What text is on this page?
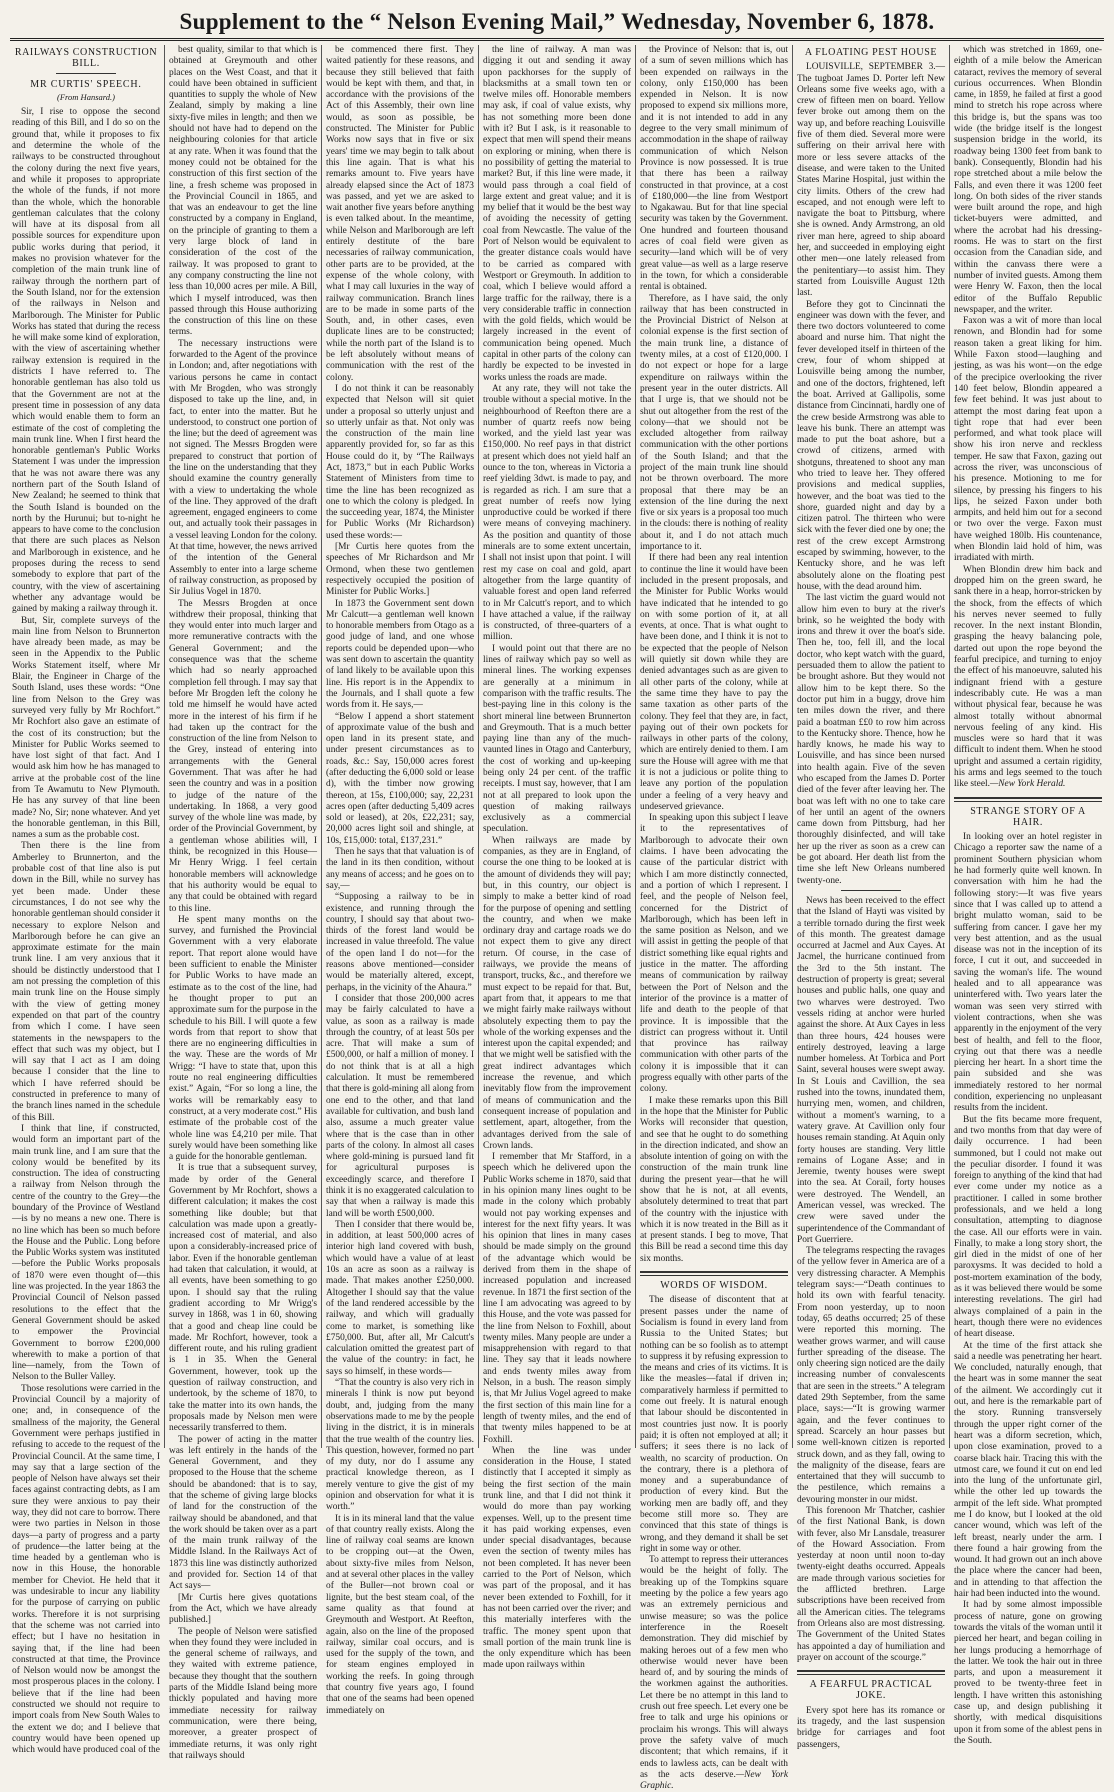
Supplement to the “ Nelson Evening Mail,” Wednesday, November 6, 1878.
RAILWAYS CONSTRUCTION BILL.
MR CURTIS' SPEECH.
(From Hansard.)

Sir, I rise to oppose the second reading of this Bill, and I do so on the ground that, while it proposes to fix and determine the whole of the railways to be constructed throughout the colony during the next five years, and while it proposes to appropriate the whole of the funds, if not more than the whole, which the honorable gentleman calculates that the colony will have at its disposal from all possible sources for expenditure upon public works during that period, it makes no provision whatever for the completion of the main trunk line of railway through the northern part of the South Island, nor for the extension of the railways in Nelson and Marlborough. The Minister for Public Works has stated that during the recess he will make some kind of exploration, with the view of ascertaining whether railway extension is required in the districts I have referred to. The honorable gentleman has also told us that the Government are not at the present time in possession of any data which would enable them to form an estimate of the cost of completing the main trunk line. When I first heard the honorable gentleman's Public Works Statement I was under the impression that he was not aware there was any northern part of the South Island of New Zealand; he seemed to think that the South Island is bounded on the north by the Hurunui; but to-night he appears to have come to the conclusion that there are such places as Nelson and Marlborough in existence, and he proposes during the recess to send somebody to explore that part of the country, with the view of ascertaining whether any advantage would be gained by making a railway through it.

But, Sir, complete surveys of the main line from Nelson to Brunnerton have already been made, as may be seen in the Appendix to the Public Works Statement itself, where Mr Blair, the Engineer in Charge of the South Island, uses these words: “One line from Nelson to the Grey was surveyed very fully by Mr Rochfort.” Mr Rochfort also gave an estimate of the cost of its construction; but the Minister for Public Works seemed to have lost sight of that fact. And I would ask him how he has managed to arrive at the probable cost of the line from Te Awamutu to New Plymouth. He has any survey of that line been made? No, Sir; none whatever. And yet the honorable gentleman, in this Bill, names a sum as the probable cost.

Then there is the line from Amberley to Brunnerton, and the probable cost of that line also is put down in the Bill, while no survey has yet been made. Under these circumstances, I do not see why the honorable gentleman should consider it necessary to explore Nelson and Marlborough before he can give an approximate estimate for the main trunk line. I am very anxious that it should be distinctly understood that I am not pressing the completion of this main trunk line on the House simply with the view of getting money expended on that part of the country from which I come. I have seen statements in the newspapers to the effect that such was my object, but I will say that I act as I am doing because I consider that the line to which I have referred should be constructed in preference to many of the branch lines named in the schedule of this Bill.

I think that line, if constructed, would form an important part of the main trunk line, and I am sure that the colony would be benefited by its construction. The idea of constructing a railway from Nelson through the centre of the country to the Grey—the boundary of the Province of Westland—is by no means a new one. There is no line which has been so much before the House and the Public. Long before the Public Works system was instituted—before the Public Works proposals of 1870 were even thought of—this line was projected. In the year 1863 the Provincial Council of Nelson passed resolutions to the effect that the General Government should be asked to empower the Provincial Government to borrow £200,000 wherewith to make a portion of that line—namely, from the Town of Nelson to the Buller Valley.

Those resolutions were carried in the Provincial Council by a majority of one; and, in consequence of the smallness of the majority, the General Government were perhaps justified in refusing to accede to the request of the Provincial Council. At the same time, I may say that a large section of the people of Nelson have always set their faces against contracting debts, as I am sure they were anxious to pay their way, they did not care to borrow. There were two parties in Nelson in those days—a party of progress and a party of prudence—the latter being at the time headed by a gentleman who is now in this House, the honorable member for Cheviot. He held that it was undesirable to incur any liability for the purpose of carrying on public works. Therefore it is not surprising that the scheme was not carried into effect; but I have no hesitation in saying that, if the line had been constructed at that time, the Province of Nelson would now be amongst the most prosperous places in the colony. I believe that if the line had been constructed we should not require to import coals from New South Wales to the extent we do; and I believe that country would have been opened up which would have produced coal of the

best quality, similar to that which is obtained at Greymouth and other places on the West Coast, and that it could have been obtained in sufficient quantities to supply the whole of New Zealand, simply by making a line sixty-five miles in length; and then we should not have had to depend on the neighbouring colonies for that article at any rate. When it was found that the money could not be obtained for the construction of this first section of the line, a fresh scheme was proposed in the Provincial Council in 1865, and that was an endeavour to get the line constructed by a company in England, on the principle of granting to them a very large block of land in consideration of the cost of the railway. It was proposed to grant to any company constructing the line not less than 10,000 acres per mile. A Bill, which I myself introduced, was then passed through this House authorizing the construction of this line on these terms.

The necessary instructions were forwarded to the Agent of the province in London; and, after negotiations with various persons he came in contact with Mr Brogden, who was strongly disposed to take up the line, and, in fact, to enter into the matter. But he understood, to construct one portion of the line; but the deed of agreement was not signed. The Messrs Brogden were prepared to construct that portion of the line on the understanding that they should examine the country generally with a view to undertaking the whole of the line. They approved of the draft agreement, engaged engineers to come out, and actually took their passages in a vessel leaving London for the colony. At that time, however, the news arrived of the intention of the General Assembly to enter into a large scheme of railway construction, as proposed by Sir Julius Vogel in 1870.

The Messrs Brogden at once withdrew their proposal, thinking that they would enter into much larger and more remunerative contracts with the General Government; and the consequence was that the scheme which had so nearly approached completion fell through. I may say that before Mr Brogden left the colony he told me himself he would have acted more in the interest of his firm if he had taken up the contract for the construction of the line from Nelson to the Grey, instead of entering into arrangements with the General Government. That was after he had seen the country and was in a position to judge of the nature of the undertaking. In 1868, a very good survey of the whole line was made, by order of the Provincial Government, by a gentleman whose abilities will, I think, be recognized in this House—Mr Henry Wrigg. I feel certain honorable members will acknowledge that his authority would be equal to any that could be obtained with regard to this line.

He spent many months on the survey, and furnished the Provincial Government with a very elaborate report. That report alone would have been sufficient to enable the Minister for Public Works to have made an estimate as to the cost of the line, had he thought proper to put an approximate sum for the purpose in the schedule to his Bill. I will quote a few words from that report to show that there are no engineering difficulties in the way. These are the words of Mr Wrigg: “I have to state that, upon this route no real engineering difficulties exist.” Again, “For so long a line, the works will be remarkably easy to construct, at a very moderate cost.” His estimate of the probable cost of the whole line was £4,210 per mile. That surely would have been something like a guide for the honorable gentleman.

It is true that a subsequent survey, made by order of the General Government by Mr Rochfort, shows a different calculation; it makes the cost something like double; but that calculation was made upon a greatly-increased cost of material, and also upon a considerably-increased price of labor. Even if the honorable gentleman had taken that calculation, it would, at all events, have been something to go upon. I should say that the ruling gradient according to Mr Wrigg's survey in 1868, was 1 in 60, showing that a good and cheap line could be made. Mr Rochfort, however, took a different route, and his ruling gradient is 1 in 35. When the General Government, however, took up the question of railway construction, and undertook, by the scheme of 1870, to take the matter into its own hands, the proposals made by Nelson men were necessarily transferred to them.

The power of acting in the matter was left entirely in the hands of the General Government, and they proposed to the House that the scheme should be abandoned: that is to say, that the scheme of giving large blocks of land for the construction of the railway should be abandoned, and that the work should be taken over as a part of the main trunk railway of the Middle Island. In the Railways Act of 1873 this line was distinctly authorized and provided for. Section 14 of that Act says—

[Mr Curtis here gives quotations from the Act, which we have already published.]

The people of Nelson were satisfied when they found they were included in the general scheme of railways, and they waited with extreme patience, because they thought that the southern parts of the Middle Island being more thickly populated and having more immediate necessity for railway communication, were there being, moreover, a greater prospect of immediate returns, it was only right that railways should

be commenced there first. They waited patiently for these reasons, and because they still believed that faith would be kept with them, and that, in accordance with the provisions of the Act of this Assembly, their own line would, as soon as possible, be constructed. The Minister for Public Works now says that in five or six years' time we may begin to talk about this line again. That is what his remarks amount to. Five years have already elapsed since the Act of 1873 was passed, and yet we are asked to wait another five years before anything is even talked about. In the meantime, while Nelson and Marlborough are left entirely destitute of the bare necessaries of railway communication, other parts are to be provided, at the expense of the whole colony, with what I may call luxuries in the way of railway communication. Branch lines are to be made in some parts of the South, and, in other cases, even duplicate lines are to be constructed; while the north part of the Island is to be left absolutely without means of communication with the rest of the colony.

I do not think it can be reasonably expected that Nelson will sit quiet under a proposal so utterly unjust and so utterly unfair as that. Not only was the construction of the main line apparently provided for, so far as this House could do it, by “The Railways Act, 1873,” but in each Public Works Statement of Ministers from time to time the line has been recognized as one to which the colony is pledged. In the succeeding year, 1874, the Minister for Public Works (Mr Richardson) used these words:—

[Mr Curtis here quotes from the speeches of Mr Richardson and Mr Ormond, when these two gentlemen respectively occupied the position of Minister for Public Works.]

In 1873 the Government sent down Mr Calcutt—a gentleman well known to honorable members from Otago as a good judge of land, and one whose reports could be depended upon—who was sent down to ascertain the quantity of land likely to be available upon this line. His report is in the Appendix to the Journals, and I shall quote a few words from it. He says,—

“Below I append a short statement of approximate value of the bush and open land in its present state, and under present circumstances as to roads, &c.: Say, 150,000 acres forest (after deducting the 6,000 sold or lease d), with the timber now growing thereon, at 15s, £100,000; say, 22,231 acres open (after deducting 5,409 acres sold or leased), at 20s, £22,231; say, 20,000 acres light soil and shingle, at 10s, £15,000: total, £137,231.”

Then he says that that valuation is of the land in its then condition, without any means of access; and he goes on to say,—

“Supposing a railway to be in existence, and running through the country, I should say that about two-thirds of the forest land would be increased in value threefold. The value of the open land I do not—for the reasons above mentioned—consider would be materially altered, except, perhaps, in the vicinity of the Ahaura.”

I consider that those 200,000 acres may be fairly calculated to have a value, as soon as a railway is made through the country, of at least 50s per acre. That will make a sum of £500,000, or half a million of money. I do not think that is at all a high calculation. It must be remembered that there is gold-mining all along from one end to the other, and that land available for cultivation, and bush land also, assume a much greater value where that is the case than in other parts of the colony. In almost all cases where gold-mining is pursued land fit for agricultural purposes is exceedingly scarce, and therefore I think it is no exaggerated calculation to say that when a railway is made this land will be worth £500,000.

Then I consider that there would be, in addition, at least 500,000 acres of interior high land covered with bush, which would have a value of at least 10s an acre as soon as a railway is made. That makes another £250,000. Altogether I should say that the value of the land rendered accessible by the railway, and which will gradually come to market, is something like £750,000. But, after all, Mr Calcutt's calculation omitted the greatest part of the value of the country: in fact, he says so himself, in these words—

“That the country is also very rich in minerals I think is now put beyond doubt, and, judging from the many observations made to me by the people living in the district, it is in minerals that the true wealth of the country lies. This question, however, formed no part of my duty, nor do I assume any practical knowledge thereon, as I merely venture to give the gist of my opinion and observation for what it is worth.”

It is in its mineral land that the value of that country really exists. Along the line of railway coal seams are known to be cropping out—at the Owen, about sixty-five miles from Nelson, and at several other places in the valley of the Buller—not brown coal or lignite, but the best steam coal, of the same quality as that found at Greymouth and Westport. At Reefton, again, also on the line of the proposed railway, similar coal occurs, and is used for the supply of the town, and for steam engines employed in working the reefs. In going through that country five years ago, I found that one of the seams had been opened immediately on

the line of railway. A man was digging it out and sending it away upon packhorses for the supply of blacksmiths at a small town ten or twelve miles off. Honorable members may ask, if coal of value exists, why has not something more been done with it? But I ask, is it reasonable to expect that men will spend their means on exploring or mining, when there is no possibility of getting the material to market? But, if this line were made, it would pass through a coal field of large extent and great value; and it is my belief that it would be the best way of avoiding the necessity of getting coal from Newcastle. The value of the Port of Nelson would be equivalent to the greater distance coals would have to be carried as compared with Westport or Greymouth. In addition to coal, which I believe would afford a large traffic for the railway, there is a very considerable traffic in connection with the gold fields, which would be largely increased in the event of communication being opened. Much capital in other parts of the colony can hardly be expected to be invested in works unless the roads are made.

At any rate, they will not take the trouble without a special motive. In the neighbourhood of Reefton there are a number of quartz reefs now being worked, and the yield last year was £150,000. No reef pays in that district at present which does not yield half an ounce to the ton, whereas in Victoria a reef yielding 3dwt. is made to pay, and is regarded as rich. I am sure that a great number of reefs now lying unproductive could be worked if there were means of conveying machinery. As the position and quantity of those minerals are to some extent uncertain, I shall not insist upon that point. I will rest my case on coal and gold, apart altogether from the large quantity of valuable forest and open land referred to in Mr Calcutt's report, and to which I have attached a value, if the railway is constructed, of three-quarters of a million.

I would point out that there are no lines of railway which pay so well as mineral lines. The working expenses are generally at a minimum in comparison with the traffic results. The best-paying line in this colony is the short mineral line between Brunnerton and Greymouth. That is a much better paying line than any of the much-vaunted lines in Otago and Canterbury, the cost of working and up-keeping being only 24 per cent. of the traffic receipts. I must say, however, that I am not at all prepared to look upon the question of making railways exclusively as a commercial speculation.

When railways are made by companies, as they are in England, of course the one thing to be looked at is the amount of dividends they will pay; but, in this country, our object is simply to make a better kind of road for the purpose of opening and settling the country, and when we make ordinary dray and cartage roads we do not expect them to give any direct return. Of course, in the case of railways, we provide the means of transport, trucks, &c., and therefore we must expect to be repaid for that. But, apart from that, it appears to me that we might fairly make railways without absolutely expecting them to pay the whole of the working expenses and the interest upon the capital expended; and that we might well be satisfied with the great indirect advantages which increase the revenue, and which inevitably flow from the improvement of means of communication and the consequent increase of population and settlement, apart, altogether, from the advantages derived from the sale of Crown lands.

I remember that Mr Stafford, in a speech which he delivered upon the Public Works scheme in 1870, said that in his opinion many lines ought to be made in the colony which probably would not pay working expenses and interest for the next fifty years. It was his opinion that lines in many cases should be made simply on the ground of the advantage which would be derived from them in the shape of increased population and increased revenue. In 1871 the first section of the line I am advocating was agreed to by this House, and the vote was passed for the line from Nelson to Foxhill, about twenty miles. Many people are under a misapprehension with regard to that line. They say that it leads nowhere and ends twenty miles away from Nelson, in a bush. The reason simply is, that Mr Julius Vogel agreed to make the first section of this main line for a length of twenty miles, and the end of that twenty miles happened to be at Foxhill.

When the line was under consideration in the House, I stated distinctly that I accepted it simply as being the first section of the main trunk line, and that I did not think it would do more than pay working expenses. Well, up to the present time it has paid working expenses, even under special disadvantages, because even the section of twenty miles has not been completed. It has never been carried to the Port of Nelson, which was part of the proposal, and it has never been extended to Foxhill, for it has not been carried over the river; and this materially interferes with the traffic. The money spent upon that small portion of the main trunk line is the only expenditure which has been made upon railways within

the Province of Nelson: that is, out of a sum of seven millions which has been expended on railways in the colony, only £150,000 has been expended in Nelson. It is now proposed to expend six millions more, and it is not intended to add in any degree to the very small minimum of accommodation in the shape of railway communication of which Nelson Province is now possessed. It is true that there has been a railway constructed in that province, at a cost of £180,000—the line from Westport to Ngakawau. But for that line special security was taken by the Government. One hundred and fourteen thousand acres of coal field were given as security—land which will be of very great value—as well as a large reserve in the town, for which a considerable rental is obtained.

Therefore, as I have said, the only railway that has been constructed in the Provincial District of Nelson at colonial expense is the first section of the main trunk line, a distance of twenty miles, at a cost of £120,000. I do not expect or hope for a large expenditure on railways within the present year in the outer districts. All that I urge is, that we should not be shut out altogether from the rest of the colony—that we should not be excluded altogether from railway communication with the other portions of the South Island; and that the project of the main trunk line should not be thrown overboard. The more proposal that there may be an extension of the line during the next five or six years is a proposal too much in the clouds: there is nothing of reality about it, and I do not attach much importance to it.

If there had been any real intention to continue the line it would have been included in the present proposals, and the Minister for Public Works would have indicated that he intended to go on with some portion of it, at all events, at once. That is what ought to have been done, and I think it is not to be expected that the people of Nelson will quietly sit down while they are denied advantages such as are given to all other parts of the colony, while at the same time they have to pay the same taxation as other parts of the colony. They feel that they are, in fact, paying out of their own pockets for railways in other parts of the colony, which are entirely denied to them. I am sure the House will agree with me that it is not a judicious or polite thing to leave any portion of the population under a feeling of a very heavy and undeserved grievance.

In speaking upon this subject I leave it to the representatives of Marlborough to advocate their own claims. I have been advocating the cause of the particular district with which I am more distinctly connected, and a portion of which I represent. I feel, and the people of Nelson feel, concerned for the District of Marlborough, which has been left in the same position as Nelson, and we will assist in getting the people of that district something like equal rights and justice in the matter. The affording means of communication by railway between the Port of Nelson and the interior of the province is a matter of life and death to the people of that province. It is impossible that the district can progress without it. Until that province has railway communication with other parts of the colony it is impossible that it can progress equally with other parts of the colony.

I make these remarks upon this Bill in the hope that the Minister for Public Works will reconsider that question, and see that he ought to do something in the direction indicated, and show an absolute intention of going on with the construction of the main trunk line during the present year—that he will show that he is not, at all events, absolutely determined to treat that part of the country with the injustice with which it is now treated in the Bill as it at present stands. I beg to move, That this Bill be read a second time this day six months.

WORDS OF WISDOM.

The disease of discontent that at present passes under the name of Socialism is found in every land from Russia to the United States; but nothing can be so foolish as to attempt to suppress it by refusing expression to the means and cries of its victims. It is like the measles—fatal if driven in; comparatively harmless if permitted to come out freely. It is natural enough that labour should be discontented in most countries just now. It is poorly paid; it is often not employed at all; it suffers; it sees there is no lack of wealth, no scarcity of production. On the contrary, there is a plethora of money and a superabundance of production of every kind. But the working men are badly off, and they become still more so. They are convinced that this state of things is wrong, and they demand it shall be set right in some way or other.

To attempt to repress their utterances would be the height of folly. The breaking up of the Tompkins square meeting by the police a few years ago was an extremely pernicious and unwise measure; so was the police interference in the Roeselt demonstration. They did mischief by making heroes out of a few men who otherwise would never have been heard of, and by souring the minds of the workmen against the authorities. Let there be no attempt in this land to crush out free speech. Let every one be free to talk and urge his opinions or proclaim his wrongs. This will always prove the safety valve of much discontent; that which remains, if it ends to lawless acts, can be dealt with as the acts deserve.—New York Graphic.

A FLOATING PEST HOUSE

LOUISVILLE, SEPTEMBER 3.—The tugboat James D. Porter left New Orleans some five weeks ago, with a crew of fifteen men on board. Yellow fever broke out among them on the way up, and before reaching Louisville five of them died. Several more were suffering on their arrival here with more or less severe attacks of the disease, and were taken to the United States Marine Hospital, just within the city limits. Others of the crew had escaped, and not enough were left to navigate the boat to Pittsburg, where she is owned. Andy Armstrong, an old river man here, agreed to ship aboard her, and succeeded in employing eight other men—one lately released from the penitentiary—to assist him. They started from Louisville August 12th last.

Before they got to Cincinnati the engineer was down with the fever, and there two doctors volunteered to come aboard and nurse him. That night the fever developed itself in thirteen of the crew, four of whom shipped at Louisville being among the number, and one of the doctors, frightened, left the boat. Arrived at Gallipolis, some distance from Cincinnati, hardly one of the crew beside Armstrong was able to leave his bunk. There an attempt was made to put the boat ashore, but a crowd of citizens, armed with shotguns, threatened to shoot any man who tried to leave her. They offered provisions and medical supplies, however, and the boat was tied to the shore, guarded night and day by a citizen patrol. The thirteen who were sick with the fever died one by one; the rest of the crew except Armstrong escaped by swimming, however, to the Kentucky shore, and he was left absolutely alone on the floating pest house, with the dead around him.

The last victim the guard would not allow him even to bury at the river's brink, so he weighted the body with irons and threw it over the boat's side. Then he, too, fell ill, and the local doctor, who kept watch with the guard, persuaded them to allow the patient to be brought ashore. But they would not allow him to be kept there. So the doctor put him in a buggy, drove him ten miles down the river, and there paid a boatman ££0 to row him across to the Kentucky shore. Thence, how he hardly knows, he made his way to Louisville, and has since been nursed into health again. Five of the seven who escaped from the James D. Porter died of the fever after leaving her. The boat was left with no one to take care of her until an agent of the owners came down from Pittsburg, had her thoroughly disinfected, and will take her up the river as soon as a crew can be got aboard. Her death list from the time she left New Orleans numbered twenty-one.

News has been received to the effect that the Island of Hayti was visited by a terrible tornado during the first week of this month. The greatest damage occurred at Jacmel and Aux Cayes. At Jacmel, the hurricane continued from the 3rd to the 5th instant. The destruction of property is great; several houses and public halls, one quay and two wharves were destroyed. Two vessels riding at anchor were hurled against the shore. At Aux Cayes in less than three hours, 424 houses were entirely destroyed, leaving a large number homeless. At Torbica and Port Saint, several houses were swept away. In St Louis and Cavillion, the sea rushed into the towns, inundated them, hurrying men, women, and children, without a moment's warning, to a watery grave. At Cavillion only four houses remain standing. At Aquin only forty houses are standing. Very little remains of Logane Asse; and in Jeremie, twenty houses were swept into the sea. At Corail, forty houses were destroyed. The Wendell, an American vessel, was wrecked. The crew were saved under the superintendence of the Commandant of Port Guerriere.

The telegrams respecting the ravages of the yellow fever in America are of a very distressing character. A Memphis telegram says:—“Death continues to hold its own with fearful tenacity. From noon yesterday, up to noon today, 65 deaths occurred; 25 of these were reported this morning. The weather grows warmer, and will cause further spreading of the disease. The only cheering sign noticed are the daily increasing number of convalescents that are seen in the streets.” A telegram dated 29th September, from the same place, says:—“It is growing warmer again, and the fever continues to spread. Scarcely an hour passes but some well-known citizen is reported struck down, and as they fall, owing to the malignity of the disease, fears are entertained that they will succumb to the pestilence, which remains a devouring monster in our midst.

This forenoon Mr Thatcher, cashier of the first National Bank, is down with fever, also Mr Lansdale, treasurer of the Howard Association. From yesterday at noon until noon to-day twenty-eight deaths occurred. Appeals are made through various societies for the afflicted brethren. Large subscriptions have been received from all the American cities. The telegrams from Orleans also are most distressing. The Government of the United States has appointed a day of humiliation and prayer on account of the scourge.”

A FEARFUL PRACTICAL JOKE.

Every spot here has its romance or its tragedy, and the last suspension bridge for carriages and foot passengers,

which was stretched in 1869, one-eighth of a mile below the American cataract, revives the memory of several curious occurrences. When Blondin came, in 1859, he failed at first a good mind to stretch his rope across where this bridge is, but the spans was too wide (the bridge itself is the longest suspension bridge in the world, its roadway being 1300 feet from bank to bank). Consequently, Blondin had his rope stretched about a mile below the Falls, and even there it was 1200 feet long. On both sides of the river stands were built around the rope, and high ticket-buyers were admitted, and where the acrobat had his dressing-rooms. He was to start on the first occasion from the Canadian side, and within the canvass there were a number of invited guests. Among them were Henry W. Faxon, then the local editor of the Buffalo Republic newspaper, and the writer.

Faxon was a wit of more than local renown, and Blondin had for some reason taken a great liking for him. While Faxon stood—laughing and jesting, as was his wont—on the edge of the precipice overlooking the river 140 feet below, Blondin appeared a few feet behind. It was just about to attempt the most daring feat upon a tight rope that had ever been performed, and what took place will show his iron nerve and reckless temper. He saw that Faxon, gazing out across the river, was unconscious of his presence. Motioning to me for silence, by pressing his fingers to his lips, he seized Faxon under both armpits, and held him out for a second or two over the verge. Faxon must have weighed 180lb. His countenance, when Blondin laid hold of him, was irradiated with mirth.

When Blondin drew him back and dropped him on the green sward, he sank there in a heap, horror-stricken by the shock, from the effects of which his nerves never seemed to fully recover. In the next instant Blondin, grasping the heavy balancing pole, darted out upon the rope beyond the fearful precipice, and turning to enjoy the effect of his manoeuvre, saluted his indignant friend with a gesture indescribably cute. He was a man without physical fear, because he was almost totally without abnormal nervous feeling of any kind. His muscles were so hard that it was difficult to indent them. When he stood upright and assumed a certain rigidity, his arms and legs seemed to the touch like steel.—New York Herald.

STRANGE STORY OF A HAIR.

In looking over an hotel register in Chicago a reporter saw the name of a prominent Southern physician whom he had formerly quite well known. In conversation with him he had the following story:—It was five years since that I was called up to attend a bright mulatto woman, said to be suffering from cancer. I gave her my very best attention, and as the usual disease was not in the inception of its force, I cut it out, and succeeded in saving the woman's life. The wound healed and to all appearance was uninterfered with. Two years later the woman was seen very stirred with violent contractions, when she was apparently in the enjoyment of the very best of health, and fell to the floor, crying out that there was a needle piercing her heart. In a short time the pain subsided and she was immediately restored to her normal condition, experiencing no unpleasant results from the incident.

But the fits became more frequent, and two months from that day were of daily occurrence. I had been summoned, but I could not make out the peculiar disorder. I found it was foreign to anything of the kind that had ever come under my notice as a practitioner. I called in some brother professionals, and we held a long consultation, attempting to diagnose the case. All our efforts were in vain. Finally, to make a long story short, the girl died in the midst of one of her paroxysms. It was decided to hold a post-mortem examination of the body, as it was believed there would be some interesting revelations. The girl had always complained of a pain in the heart, though there were no evidences of heart disease.

At the time of the first attack she said a needle was penetrating her heart. We concluded, naturally enough, that the heart was in some manner the seat of the ailment. We accordingly cut it out, and here is the remarkable part of the story. Running transversely through the upper right corner of the heart was a diform secretion, which, upon close examination, proved to a coarse black hair. Tracing this with the utmost care, we found it cut on end led into the lung of the unfortunate girl, while the other led up towards the armpit of the left side. What prompted me I do know, but I looked at the old cancer wound, which was left of the left breast, nearly under the arm. I there found a hair growing from the wound. It had grown out an inch above the place where the cancer had been, and in attending to that affection the hair had been inducted into the wound.

It had by some almost impossible process of nature, gone on growing towards the vitals of the woman until it pierced her heart, and began coiling in her lungs producing a hemorrhage of the latter. We took the hair out in three parts, and upon a measurement it proved to be twenty-three feet in length. I have written this astonishing case up, and design publishing it shortly, with medical disquisitions upon it from some of the ablest pens in the South.
